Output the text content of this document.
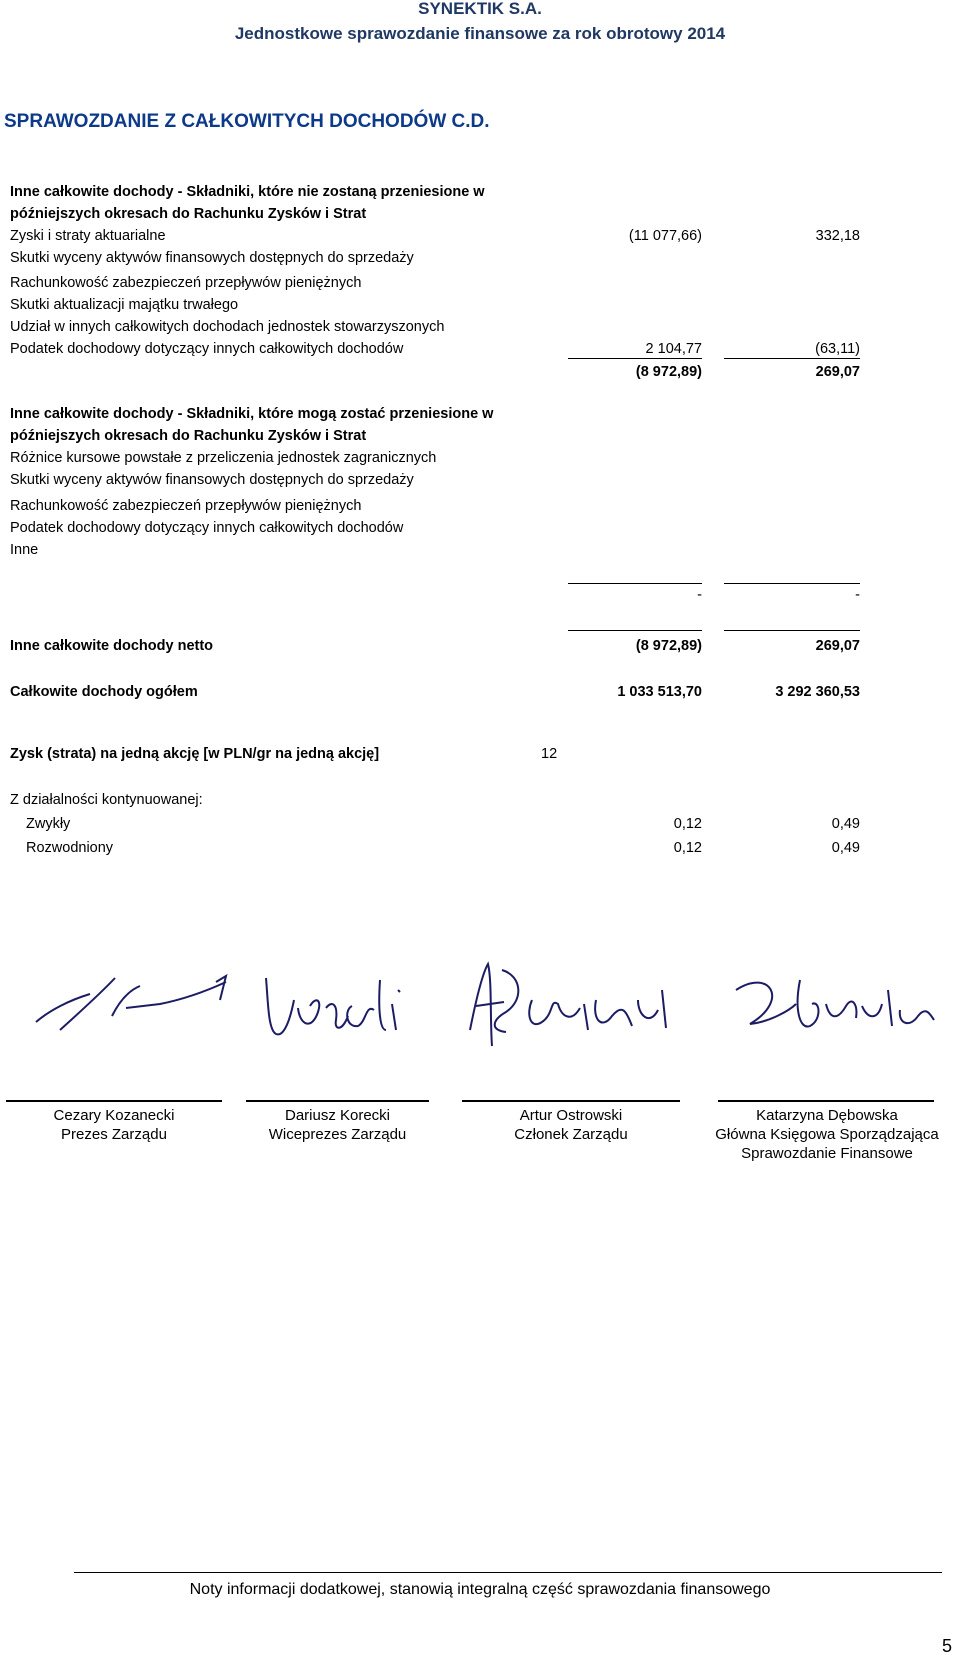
SYNEKTIK S.A.
Jednostkowe sprawozdanie finansowe za rok obrotowy 2014
SPRAWOZDANIE Z CAŁKOWITYCH DOCHODÓW C.D.
Inne całkowite dochody - Składniki, które nie zostaną przeniesione w
późniejszych okresach do Rachunku Zysków i Strat
Zyski i straty aktuarialne	(11 077,66)	332,18
Skutki wyceny aktywów finansowych dostępnych do sprzedaży
Rachunkowość zabezpieczeń przepływów pieniężnych
Skutki aktualizacji majątku trwałego
Udział w innych całkowitych dochodach jednostek stowarzyszonych
Podatek dochodowy dotyczący innych całkowitych dochodów	2 104,77	(63,11)
(8 972,89)	269,07
Inne całkowite dochody - Składniki, które mogą zostać przeniesione w
późniejszych okresach do Rachunku Zysków i Strat
Różnice kursowe powstałe z przeliczenia jednostek zagranicznych
Skutki wyceny aktywów finansowych dostępnych do sprzedaży
Rachunkowość zabezpieczeń przepływów pieniężnych
Podatek dochodowy dotyczący innych całkowitych dochodów
Inne
-	-
Inne całkowite dochody netto	(8 972,89)	269,07
Całkowite dochody ogółem	1 033 513,70	3 292 360,53
Zysk (strata) na jedną akcję [w PLN/gr na jedną akcję]	12
Z działalności kontynuowanej:
Zwykły	0,12	0,49
Rozwodniony	0,12	0,49
Cezary Kozanecki
Prezes Zarządu
Dariusz Korecki
Wiceprezes Zarządu
Artur Ostrowski
Członek Zarządu
Katarzyna Dębowska
Główna Księgowa Sporządzająca Sprawozdanie Finansowe
Noty informacji dodatkowej, stanowią integralną część sprawozdania finansowego
5
